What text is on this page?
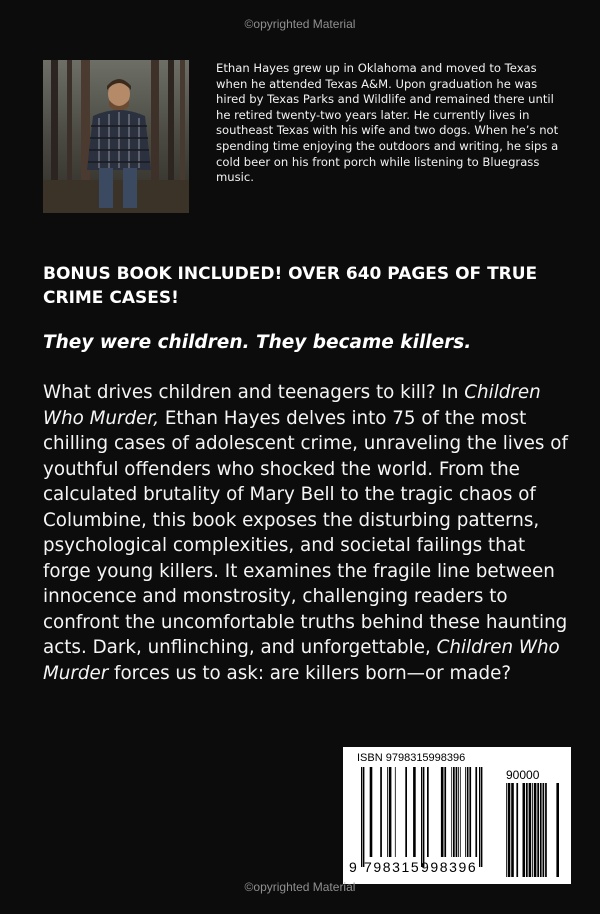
©opyrighted Material
Ethan Hayes grew up in Oklahoma and moved to Texas when he attended Texas A&M. Upon graduation he was hired by Texas Parks and Wildlife and remained there until he retired twenty-two years later. He currently lives in southeast Texas with his wife and two dogs. When he’s not spending time enjoying the outdoors and writing, he sips a cold beer on his front porch while listening to Bluegrass music.
BONUS BOOK INCLUDED! OVER 640 PAGES OF TRUE CRIME CASES!
They were children. They became killers.
What drives children and teenagers to kill? In Children Who Murder, Ethan Hayes delves into 75 of the most chilling cases of adolescent crime, unraveling the lives of youthful offenders who shocked the world. From the calculated brutality of Mary Bell to the tragic chaos of Columbine, this book exposes the disturbing patterns, psychological complexities, and societal failings that forge young killers. It examines the fragile line between innocence and monstrosity, challenging readers to confront the uncomfortable truths behind these haunting acts. Dark, unflinching, and unforgettable, Children Who Murder forces us to ask: are killers born—or made?
ISBN 9798315998396
90000
9 798315 998396
©opyrighted Material
